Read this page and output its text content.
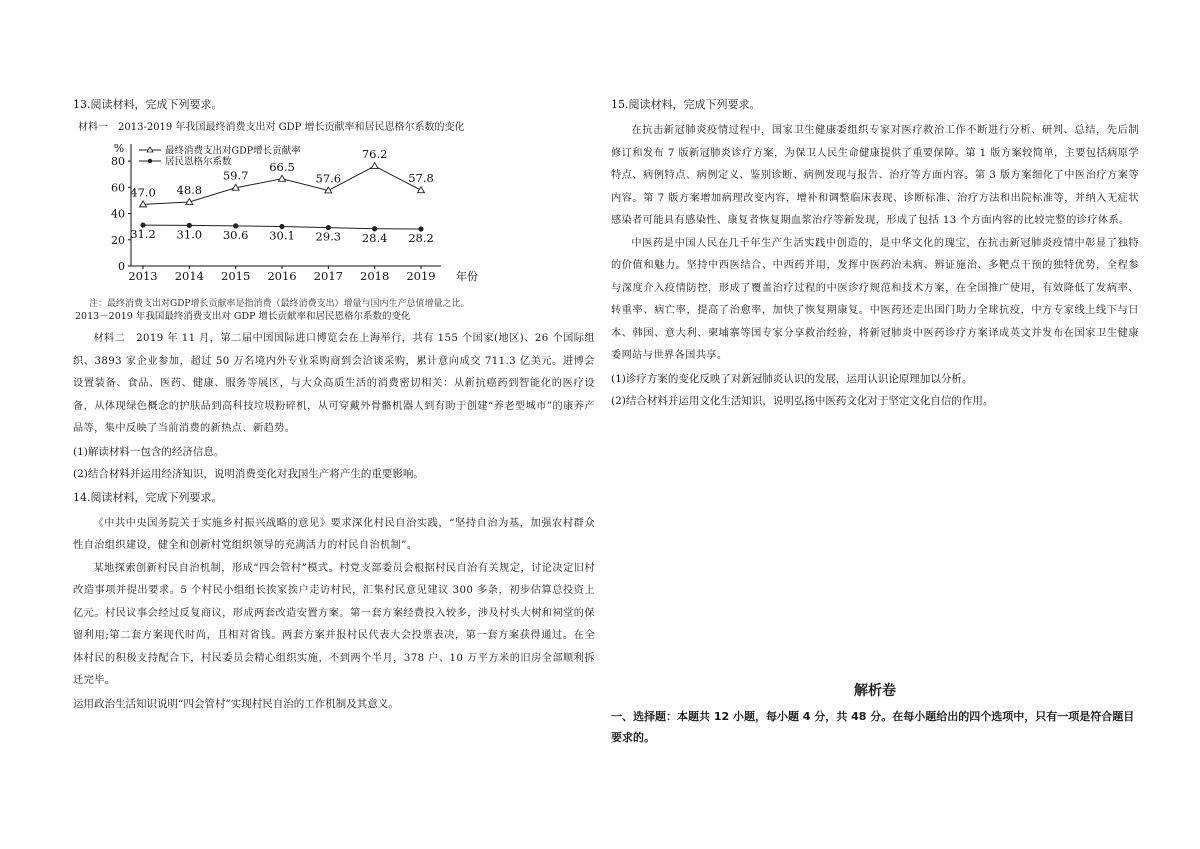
13.阅读材料，完成下列要求。

材料一　2013-2019 年我国最终消费支出对 GDP 增长贡献率和居民恩格尔系数的变化

%
0
20
40
60
80
2013 2014 2015 2016 2017 2018 2019 年份
47.0 48.8
59.7
66.5
57.6
76.2
57.8
31.2 31.0 30.6 30.1 29.3 28.4 28.2
最终消费支出对GDP增长贡献率
居民恩格尔系数

注：最终消费支出对GDP增长贡献率是指消费（最终消费支出）增量与国内生产总值增量之比。

2013－2019 年我国最终消费支出对 GDP 增长贡献率和居民恩格尔系数的变化

材料二　2019 年 11 月，第二届中国国际进口博览会在上海举行，共有 155 个国家(地区)、26 个国际组织、3893 家企业参加，超过 50 万名境内外专业采购商到会洽谈采购，累计意向成交 711.3 亿美元。进博会设置装备、食品、医药、健康、服务等展区，与大众高质生活的消费密切相关：从新抗癌药到智能化的医疗设备，从体现绿色概念的护肤品到高科技垃圾粉碎机，从可穿戴外骨骼机器人到有助于创建“养老型城市”的康养产品等，集中反映了当前消费的新热点、新趋势。

(1)解读材料一包含的经济信息。

(2)结合材料并运用经济知识，说明消费变化对我国生产将产生的重要影响。

14.阅读材料，完成下列要求。

《中共中央国务院关于实施乡村振兴战略的意见》要求深化村民自治实践，“坚持自治为基，加强农村群众性自治组织建设，健全和创新村党组织领导的充满活力的村民自治机制”。

某地探索创新村民自治机制，形成“四会管村”模式。村党支部委员会根据村民自治有关规定，讨论决定旧村改造事项并提出要求。5 个村民小组组长挨家挨户走访村民，汇集村民意见建议 300 多条，初步估算总投资上亿元。村民议事会经过反复商议，形成两套改造安置方案。第一套方案经费投入较多，涉及村头大树和祠堂的保留利用;第二套方案现代时尚，且相对省钱。两套方案并报村民代表大会投票表决，第一套方案获得通过。在全体村民的积极支持配合下，村民委员会精心组织实施，不到两个半月，378 户、10 万平方米的旧房全部顺利拆迁完毕。

运用政治生活知识说明“四会管村”实现村民自治的工作机制及其意义。

15.阅读材料，完成下列要求。

在抗击新冠肺炎疫情过程中，国家卫生健康委组织专家对医疗救治工作不断进行分析、研判、总结，先后制修订和发布 7 版新冠肺炎诊疗方案，为保卫人民生命健康提供了重要保障。第 1 版方案较简单，主要包括病原学特点、病例特点、病例定义、鉴别诊断、病例发现与报告、治疗等方面内容。第 3 版方案细化了中医治疗方案等内容。第 7 版方案增加病理改变内容，增补和调整临床表现、诊断标准、治疗方法和出院标准等，并纳入无症状感染者可能具有感染性、康复者恢复期血浆治疗等新发现，形成了包括 13 个方面内容的比较完整的诊疗体系。

中医药是中国人民在几千年生产生活实践中创造的，是中华文化的瑰宝，在抗击新冠肺炎疫情中彰显了独特的价值和魅力。坚持中西医结合、中西药并用，发挥中医药治未病、辨证施治、多靶点干预的独特优势，全程参与深度介入疫情防控，形成了覆盖治疗过程的中医诊疗规范和技术方案，在全国推广使用，有效降低了发病率、转重率、病亡率，提高了治愈率，加快了恢复期康复。中医药还走出国门助力全球抗疫，中方专家线上线下与日本、韩国、意大利、柬埔寨等国专家分享救治经验，将新冠肺炎中医药诊疗方案译成英文并发布在国家卫生健康委网站与世界各国共享。

(1)诊疗方案的变化反映了对新冠肺炎认识的发展，运用认识论原理加以分析。

(2)结合材料并运用文化生活知识，说明弘扬中医药文化对于坚定文化自信的作用。

解析卷
一、选择题：本题共 12 小题，每小题 4 分，共 48 分。在每小题给出的四个选项中，只有一项是符合题目要求的。
